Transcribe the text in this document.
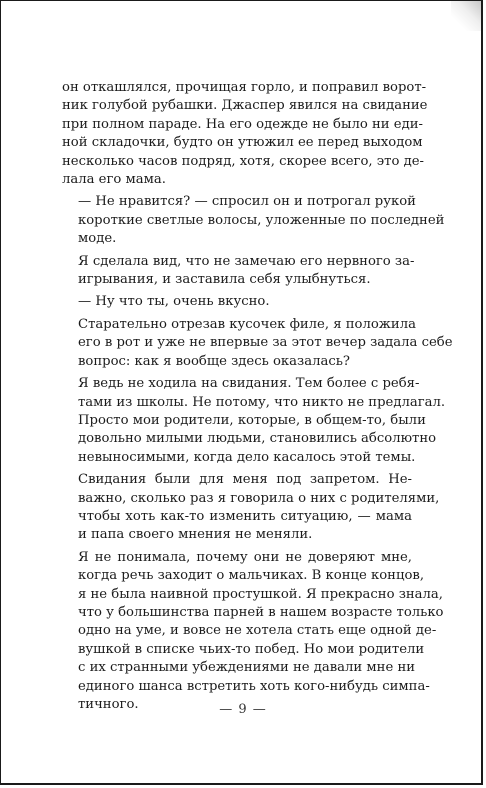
он откашлялся, прочищая горло, и поправил ворот-
ник голубой рубашки. Джаспер явился на свидание
при полном параде. На его одежде не было ни еди-
ной складочки, будто он утюжил ее перед выходом
несколько часов подряд, хотя, скорее всего, это де-
лала его мама.

— Не нравится? — спросил он и потрогал рукой
короткие светлые волосы, уложенные по последней
моде.

Я сделала вид, что не замечаю его нервного за-
игрывания, и заставила себя улыбнуться.

— Ну что ты, очень вкусно.

Старательно отрезав кусочек филе, я положила
его в рот и уже не впервые за этот вечер задала себе
вопрос: как я вообще здесь оказалась?

Я ведь не ходила на свидания. Тем более с ребя-
тами из школы. Не потому, что никто не предлагал.
Просто мои родители, которые, в общем-то, были
довольно милыми людьми, становились абсолютно
невыносимыми, когда дело касалось этой темы.

Свидания были для меня под запретом. Не-
важно, сколько раз я говорила о них с родителями,
чтобы хоть как-то изменить ситуацию, — мама
и папа своего мнения не меняли.

Я не понимала, почему они не доверяют мне,
когда речь заходит о мальчиках. В конце концов,
я не была наивной простушкой. Я прекрасно знала,
что у большинства парней в нашем возрасте только
одно на уме, и вовсе не хотела стать еще одной де-
вушкой в списке чьих-то побед. Но мои родители
с их странными убеждениями не давали мне ни
единого шанса встретить хоть кого-нибудь симпа-
тичного.	— 9 —
